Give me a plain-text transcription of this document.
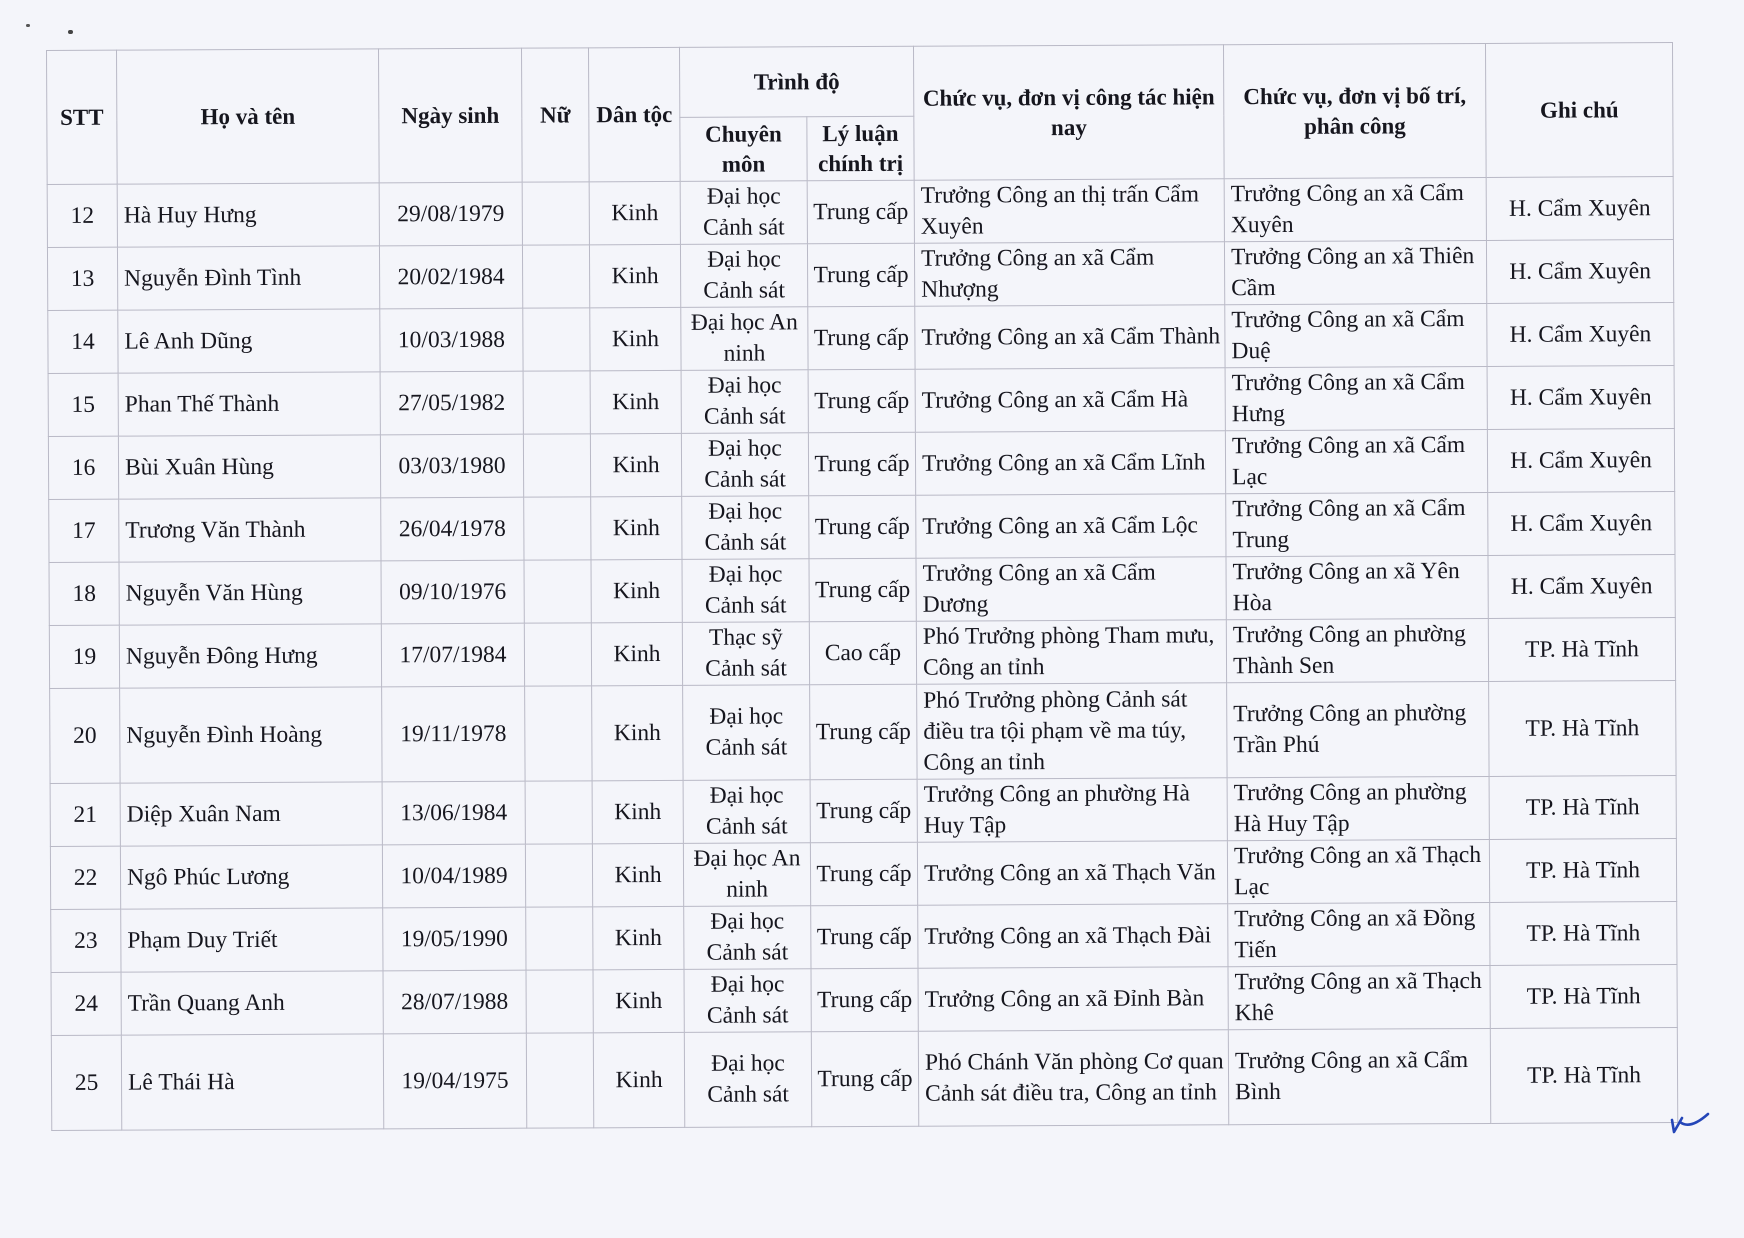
STT	Họ và tên	Ngày sinh	Nữ	Dân tộc	Trình độ		Chức vụ, đơn vị công tác hiện nay	Chức vụ, đơn vị bố trí, phân công	Ghi chú
					Chuyên môn	Lý luận chính trị			
12	Hà Huy Hưng	29/08/1979		Kinh	Đại học Cảnh sát	Trung cấp	Trưởng Công an thị trấn Cẩm Xuyên	Trưởng Công an xã Cẩm Xuyên	H. Cẩm Xuyên
13	Nguyễn Đình Tình	20/02/1984		Kinh	Đại học Cảnh sát	Trung cấp	Trưởng Công an xã Cẩm Nhượng	Trưởng Công an xã Thiên Cầm	H. Cẩm Xuyên
14	Lê Anh Dũng	10/03/1988		Kinh	Đại học An ninh	Trung cấp	Trưởng Công an xã Cẩm Thành	Trưởng Công an xã Cẩm Duệ	H. Cẩm Xuyên
15	Phan Thế Thành	27/05/1982		Kinh	Đại học Cảnh sát	Trung cấp	Trưởng Công an xã Cẩm Hà	Trưởng Công an xã Cẩm Hưng	H. Cẩm Xuyên
16	Bùi Xuân Hùng	03/03/1980		Kinh	Đại học Cảnh sát	Trung cấp	Trưởng Công an xã Cẩm Lĩnh	Trưởng Công an xã Cẩm Lạc	H. Cẩm Xuyên
17	Trương Văn Thành	26/04/1978		Kinh	Đại học Cảnh sát	Trung cấp	Trưởng Công an xã Cẩm Lộc	Trưởng Công an xã Cẩm Trung	H. Cẩm Xuyên
18	Nguyễn Văn Hùng	09/10/1976		Kinh	Đại học Cảnh sát	Trung cấp	Trưởng Công an xã Cẩm Dương	Trưởng Công an xã Yên Hòa	H. Cẩm Xuyên
19	Nguyễn Đông Hưng	17/07/1984		Kinh	Thạc sỹ Cảnh sát	Cao cấp	Phó Trưởng phòng Tham mưu, Công an tỉnh	Trưởng Công an phường Thành Sen	TP. Hà Tĩnh
20	Nguyễn Đình Hoàng	19/11/1978		Kinh	Đại học Cảnh sát	Trung cấp	Phó Trưởng phòng Cảnh sát điều tra tội phạm về ma túy, Công an tỉnh	Trưởng Công an phường Trần Phú	TP. Hà Tĩnh
21	Diệp Xuân Nam	13/06/1984		Kinh	Đại học Cảnh sát	Trung cấp	Trưởng Công an phường Hà Huy Tập	Trưởng Công an phường Hà Huy Tập	TP. Hà Tĩnh
22	Ngô Phúc Lương	10/04/1989		Kinh	Đại học An ninh	Trung cấp	Trưởng Công an xã Thạch Văn	Trưởng Công an xã Thạch Lạc	TP. Hà Tĩnh
23	Phạm Duy Triết	19/05/1990		Kinh	Đại học Cảnh sát	Trung cấp	Trưởng Công an xã Thạch Đài	Trưởng Công an xã Đồng Tiến	TP. Hà Tĩnh
24	Trần Quang Anh	28/07/1988		Kinh	Đại học Cảnh sát	Trung cấp	Trưởng Công an xã Đỉnh Bàn	Trưởng Công an xã Thạch Khê	TP. Hà Tĩnh
25	Lê Thái Hà	19/04/1975		Kinh	Đại học Cảnh sát	Trung cấp	Phó Chánh Văn phòng Cơ quan Cảnh sát điều tra, Công an tỉnh	Trưởng Công an xã Cẩm Bình	TP. Hà Tĩnh
